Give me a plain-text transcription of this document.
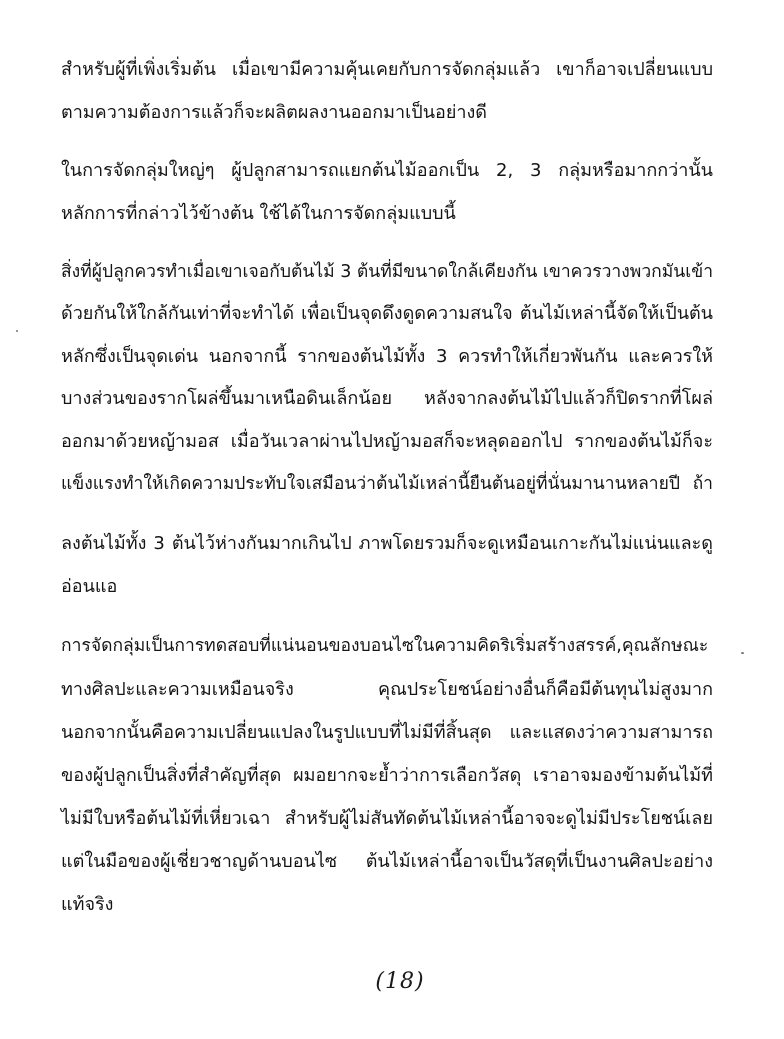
สำหรับผู้ที่เพิ่งเริ่มต้น เมื่อเขามีความคุ้นเคยกับการจัดกลุ่มแล้ว เขาก็อาจเปลี่ยนแบบ
ตามความต้องการแล้วก็จะผลิตผลงานออกมาเป็นอย่างดี
ในการจัดกลุ่มใหญ่ๆ ผู้ปลูกสามารถแยกต้นไม้ออกเป็น 2, 3 กลุ่มหรือมากกว่านั้น
หลักการที่กล่าวไว้ข้างต้น ใช้ได้ในการจัดกลุ่มแบบนี้
สิ่งที่ผู้ปลูกควรทำเมื่อเขาเจอกับต้นไม้ 3 ต้นที่มีขนาดใกล้เคียงกัน เขาควรวางพวกมันเข้า
ด้วยกันให้ใกล้กันเท่าที่จะทำได้ เพื่อเป็นจุดดึงดูดความสนใจ ต้นไม้เหล่านี้จัดให้เป็นต้น
หลักซึ่งเป็นจุดเด่น นอกจากนี้ รากของต้นไม้ทั้ง 3 ควรทำให้เกี่ยวพันกัน และควรให้
บางส่วนของรากโผล่ขึ้นมาเหนือดินเล็กน้อย หลังจากลงต้นไม้ไปแล้วก็ปิดรากที่โผล่
ออกมาด้วยหญ้ามอส เมื่อวันเวลาผ่านไปหญ้ามอสก็จะหลุดออกไป รากของต้นไม้ก็จะ
แข็งแรงทำให้เกิดความประทับใจเสมือนว่าต้นไม้เหล่านี้ยืนต้นอยู่ที่นั่นมานานหลายปี ถ้า
ลงต้นไม้ทั้ง 3 ต้นไว้ห่างกันมากเกินไป ภาพโดยรวมก็จะดูเหมือนเกาะกันไม่แน่นและดู
อ่อนแอ
การจัดกลุ่มเป็นการทดสอบที่แน่นอนของบอนไซในความคิดริเริ่มสร้างสรรค์,คุณลักษณะ
ทางศิลปะและความเหมือนจริง คุณประโยชน์อย่างอื่นก็คือมีต้นทุนไม่สูงมาก
นอกจากนั้นคือความเปลี่ยนแปลงในรูปแบบที่ไม่มีที่สิ้นสุด และแสดงว่าความสามารถ
ของผู้ปลูกเป็นสิ่งที่สำคัญที่สุด ผมอยากจะย้ำว่าการเลือกวัสดุ เราอาจมองข้ามต้นไม้ที่
ไม่มีใบหรือต้นไม้ที่เหี่ยวเฉา สำหรับผู้ไม่สันทัดต้นไม้เหล่านี้อาจจะดูไม่มีประโยชน์เลย
แต่ในมือของผู้เชี่ยวชาญด้านบอนไซ ต้นไม้เหล่านี้อาจเป็นวัสดุที่เป็นงานศิลปะอย่าง
แท้จริง
(18)
